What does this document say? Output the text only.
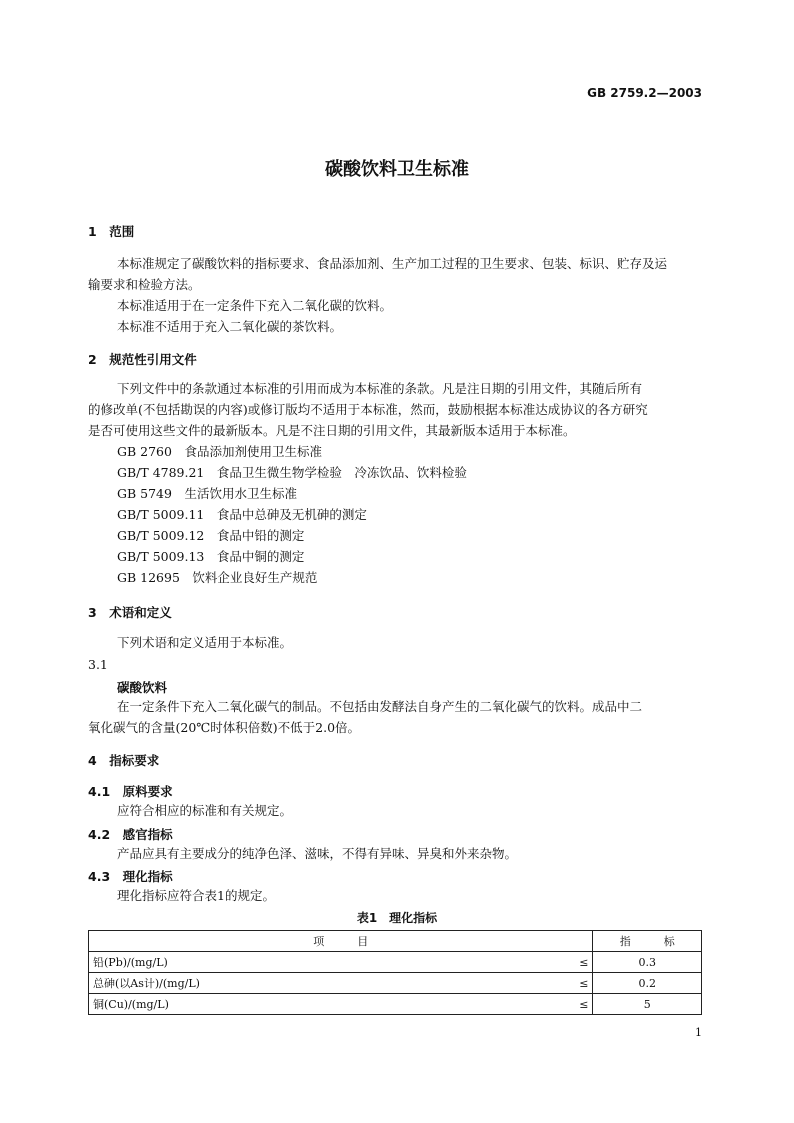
GB 2759.2—2003
碳酸饮料卫生标准
1　范围
本标准规定了碳酸饮料的指标要求、食品添加剂、生产加工过程的卫生要求、包装、标识、贮存及运
输要求和检验方法。
本标准适用于在一定条件下充入二氧化碳的饮料。
本标准不适用于充入二氧化碳的茶饮料。
2　规范性引用文件
下列文件中的条款通过本标准的引用而成为本标准的条款。凡是注日期的引用文件，其随后所有
的修改单(不包括勘误的内容)或修订版均不适用于本标准，然而，鼓励根据本标准达成协议的各方研究
是否可使用这些文件的最新版本。凡是不注日期的引用文件，其最新版本适用于本标准。
GB 2760　食品添加剂使用卫生标准
GB/T 4789.21　食品卫生微生物学检验　冷冻饮品、饮料检验
GB 5749　生活饮用水卫生标准
GB/T 5009.11　食品中总砷及无机砷的测定
GB/T 5009.12　食品中铅的测定
GB/T 5009.13　食品中铜的测定
GB 12695　饮料企业良好生产规范
3　术语和定义
下列术语和定义适用于本标准。
3.1
碳酸饮料
在一定条件下充入二氧化碳气的制品。不包括由发酵法自身产生的二氧化碳气的饮料。成品中二
氧化碳气的含量(20℃时体积倍数)不低于2.0倍。
4　指标要求
4.1　原料要求
应符合相应的标准和有关规定。
4.2　感官指标
产品应具有主要成分的纯净色泽、滋味，不得有异味、异臭和外来杂物。
4.3　理化指标
理化指标应符合表1的规定。
表1　理化指标
项　　　目		指　　　标
铅(Pb)/(mg/L)	≤	0.3
总砷(以As计)/(mg/L)	≤	0.2
铜(Cu)/(mg/L)	≤	5
1
